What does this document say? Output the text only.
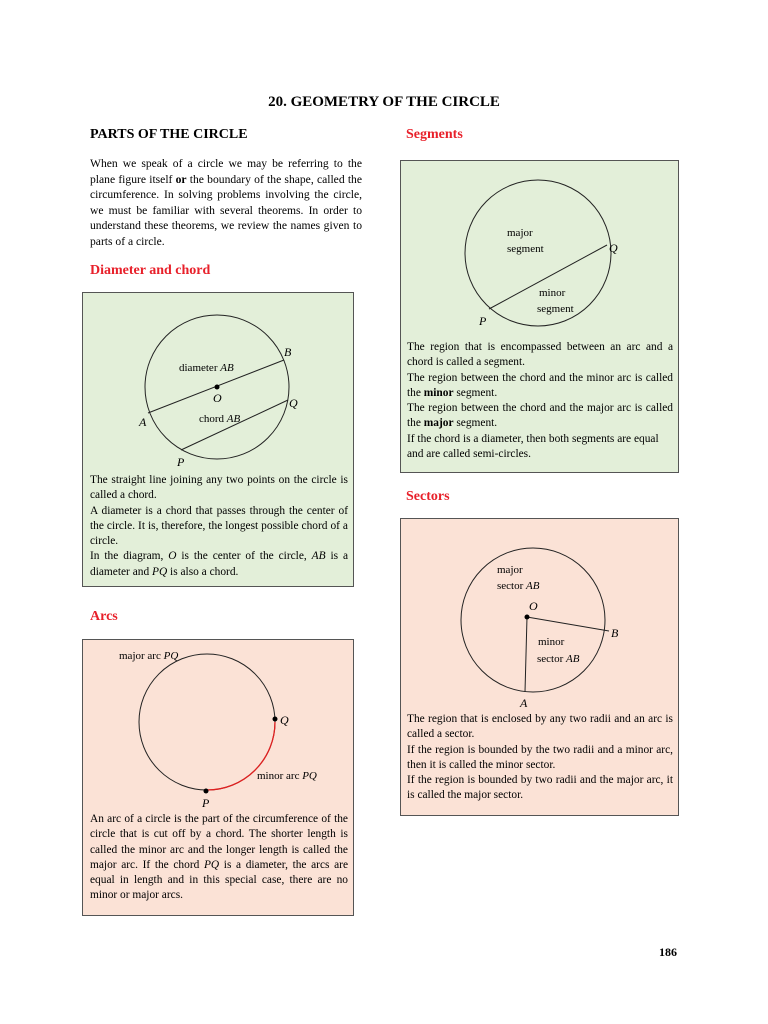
20. GEOMETRY OF THE CIRCLE
PARTS OF THE CIRCLE
When we speak of a circle we may be referring to the plane figure itself or the boundary of the shape, called the circumference. In solving problems involving the circle, we must be familiar with several theorems. In order to understand these theorems, we review the names given to parts of a circle.
Diameter and chord
diameter AB
B
O	Q
chord AB
A
P
The straight line joining any two points on the circle is called a chord.
A diameter is a chord that passes through the center of the circle. It is, therefore, the longest possible chord of a circle.
In the diagram, O is the center of the circle, AB is a diameter and PQ is also a chord.
Arcs
major arc PQ
Q
minor arc PQ
P
An arc of a circle is the part of the circumference of the circle that is cut off by a chord. The shorter length is called the minor arc and the longer length is called the major arc. If the chord PQ is a diameter, the arcs are equal in length and in this special case, there are no minor or major arcs.
Segments
major
segment	Q
minor
segment
P
The region that is encompassed between an arc and a chord is called a segment.
The region between the chord and the minor arc is called the minor segment.
The region between the chord and the major arc is called the major segment.
If the chord is a diameter, then both segments are equal and are called semi-circles.
Sectors
major
sector AB
O
B
minor
sector AB
A
The region that is enclosed by any two radii and an arc is called a sector.
If the region is bounded by the two radii and a minor arc, then it is called the minor sector.
If the region is bounded by two radii and the major arc, it is called the major sector.
186
